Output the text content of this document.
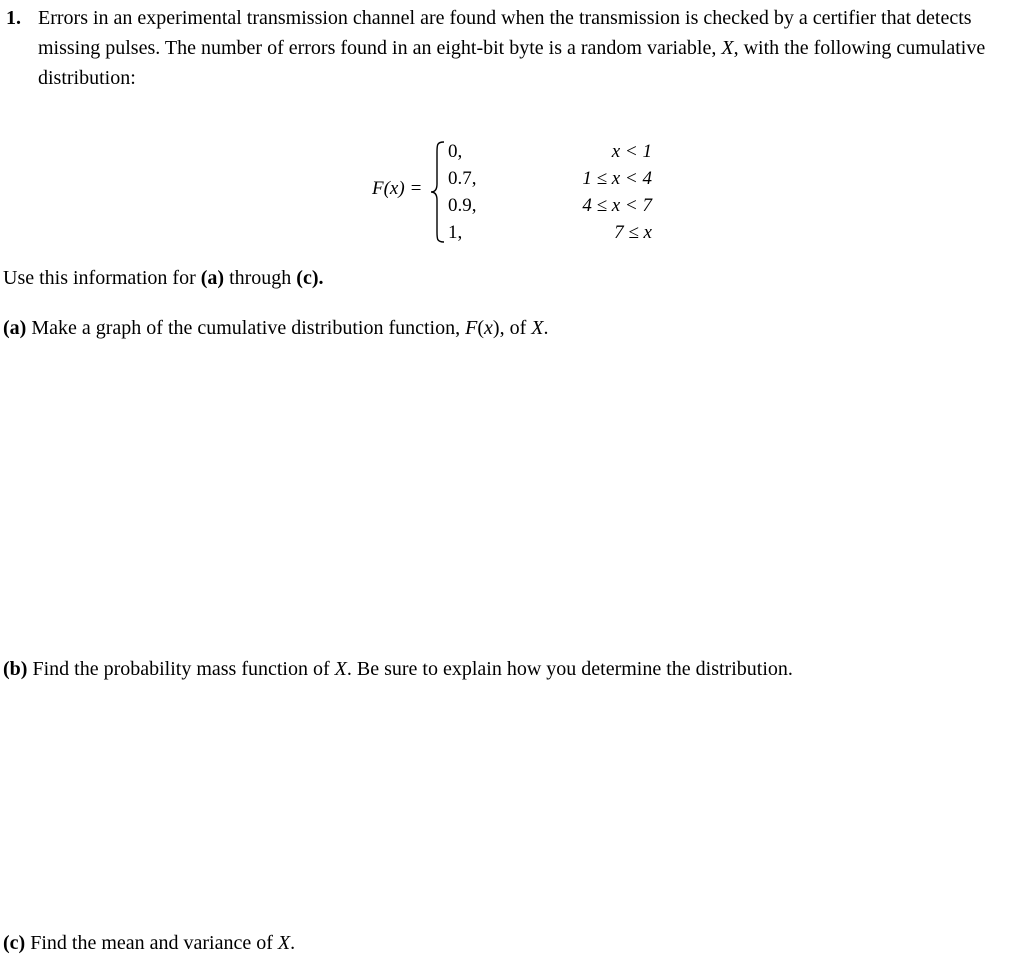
1. Errors in an experimental transmission channel are found when the transmission is checked by a certifier that detects missing pulses. The number of errors found in an eight-bit byte is a random variable, X, with the following cumulative distribution:
F(x) =
0,	x < 1
0.7,	1 ≤ x < 4
0.9,	4 ≤ x < 7
1,	7 ≤ x
Use this information for (a) through (c).
(a) Make a graph of the cumulative distribution function, F(x), of X.
(b) Find the probability mass function of X. Be sure to explain how you determine the distribution.
(c) Find the mean and variance of X.
